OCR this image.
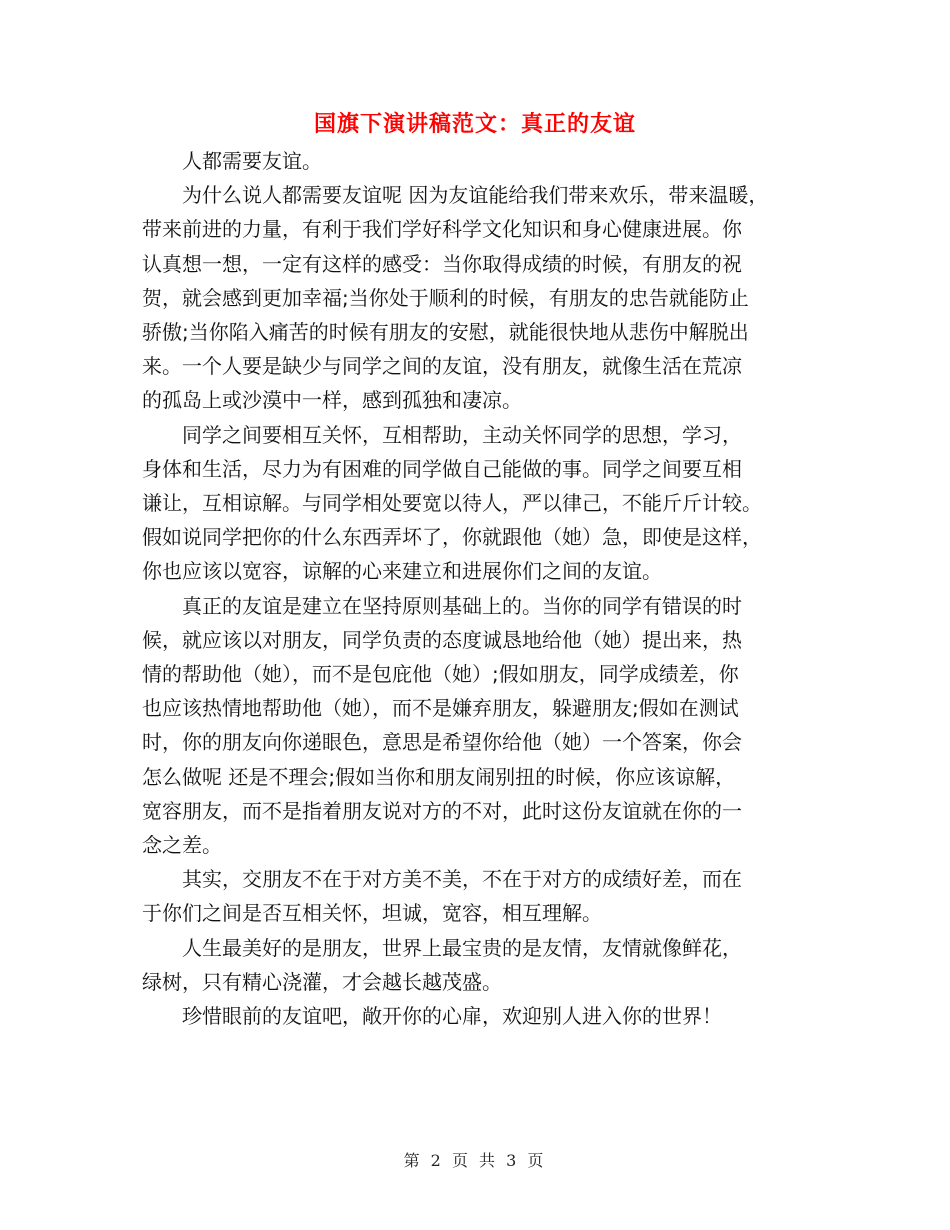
国旗下演讲稿范文：真正的友谊

人都需要友谊。

为什么说人都需要友谊呢 因为友谊能给我们带来欢乐，带来温暖，
带来前进的力量，有利于我们学好科学文化知识和身心健康进展。你
认真想一想，一定有这样的感受：当你取得成绩的时候，有朋友的祝
贺，就会感到更加幸福;当你处于顺利的时候，有朋友的忠告就能防止
骄傲;当你陷入痛苦的时候有朋友的安慰，就能很快地从悲伤中解脱出
来。一个人要是缺少与同学之间的友谊，没有朋友，就像生活在荒凉
的孤岛上或沙漠中一样，感到孤独和凄凉。

同学之间要相互关怀，互相帮助，主动关怀同学的思想，学习，
身体和生活，尽力为有困难的同学做自己能做的事。同学之间要互相
谦让，互相谅解。与同学相处要宽以待人，严以律己，不能斤斤计较。
假如说同学把你的什么东西弄坏了，你就跟他（她）急，即使是这样，
你也应该以宽容，谅解的心来建立和进展你们之间的友谊。

真正的友谊是建立在坚持原则基础上的。当你的同学有错误的时
候，就应该以对朋友，同学负责的态度诚恳地给他（她）提出来，热
情的帮助他（她），而不是包庇他（她）;假如朋友，同学成绩差，你
也应该热情地帮助他（她），而不是嫌弃朋友，躲避朋友;假如在测试
时，你的朋友向你递眼色，意思是希望你给他（她）一个答案，你会
怎么做呢 还是不理会;假如当你和朋友闹别扭的时候，你应该谅解，
宽容朋友，而不是指着朋友说对方的不对，此时这份友谊就在你的一
念之差。

其实，交朋友不在于对方美不美，不在于对方的成绩好差，而在
于你们之间是否互相关怀，坦诚，宽容，相互理解。

人生最美好的是朋友，世界上最宝贵的是友情，友情就像鲜花，
绿树，只有精心浇灌，才会越长越茂盛。

珍惜眼前的友谊吧，敞开你的心扉，欢迎别人进入你的世界！

第 2 页 共 3 页
